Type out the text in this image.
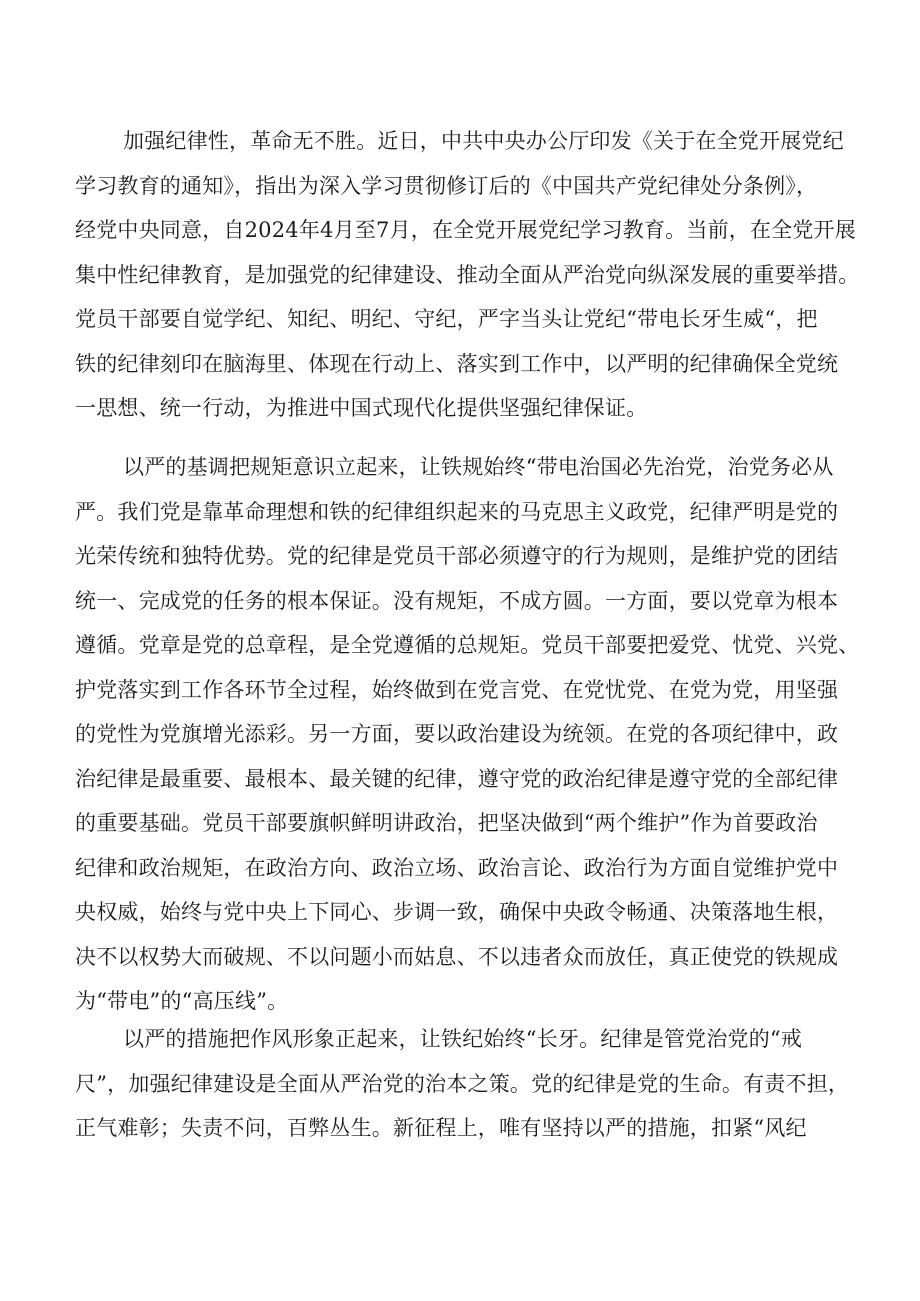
加强纪律性，革命无不胜。近日，中共中央办公厅印发《关于在全党开展党纪
学习教育的通知》，指出为深入学习贯彻修订后的《中国共产党纪律处分条例》，
经党中央同意，自2024年4月至7月，在全党开展党纪学习教育。当前，在全党开展
集中性纪律教育，是加强党的纪律建设、推动全面从严治党向纵深发展的重要举措。
党员干部要自觉学纪、知纪、明纪、守纪，严字当头让党纪“带电长牙生威“，把
铁的纪律刻印在脑海里、体现在行动上、落实到工作中，以严明的纪律确保全党统
一思想、统一行动，为推进中国式现代化提供坚强纪律保证。
以严的基调把规矩意识立起来，让铁规始终“带电治国必先治党，治党务必从
严。我们党是靠革命理想和铁的纪律组织起来的马克思主义政党，纪律严明是党的
光荣传统和独特优势。党的纪律是党员干部必须遵守的行为规则，是维护党的团结
统一、完成党的任务的根本保证。没有规矩，不成方圆。一方面，要以党章为根本
遵循。党章是党的总章程，是全党遵循的总规矩。党员干部要把爱党、忧党、兴党、
护党落实到工作各环节全过程，始终做到在党言党、在党忧党、在党为党，用坚强
的党性为党旗增光添彩。另一方面，要以政治建设为统领。在党的各项纪律中，政
治纪律是最重要、最根本、最关键的纪律，遵守党的政治纪律是遵守党的全部纪律
的重要基础。党员干部要旗帜鲜明讲政治，把坚决做到“两个维护”作为首要政治
纪律和政治规矩，在政治方向、政治立场、政治言论、政治行为方面自觉维护党中
央权威，始终与党中央上下同心、步调一致，确保中央政令畅通、决策落地生根，
决不以权势大而破规、不以问题小而姑息、不以违者众而放任，真正使党的铁规成
为“带电”的“高压线”。
以严的措施把作风形象正起来，让铁纪始终“长牙。纪律是管党治党的“戒
尺”，加强纪律建设是全面从严治党的治本之策。党的纪律是党的生命。有责不担，
正气难彰；失责不问，百弊丛生。新征程上，唯有坚持以严的措施，扣紧“风纪
